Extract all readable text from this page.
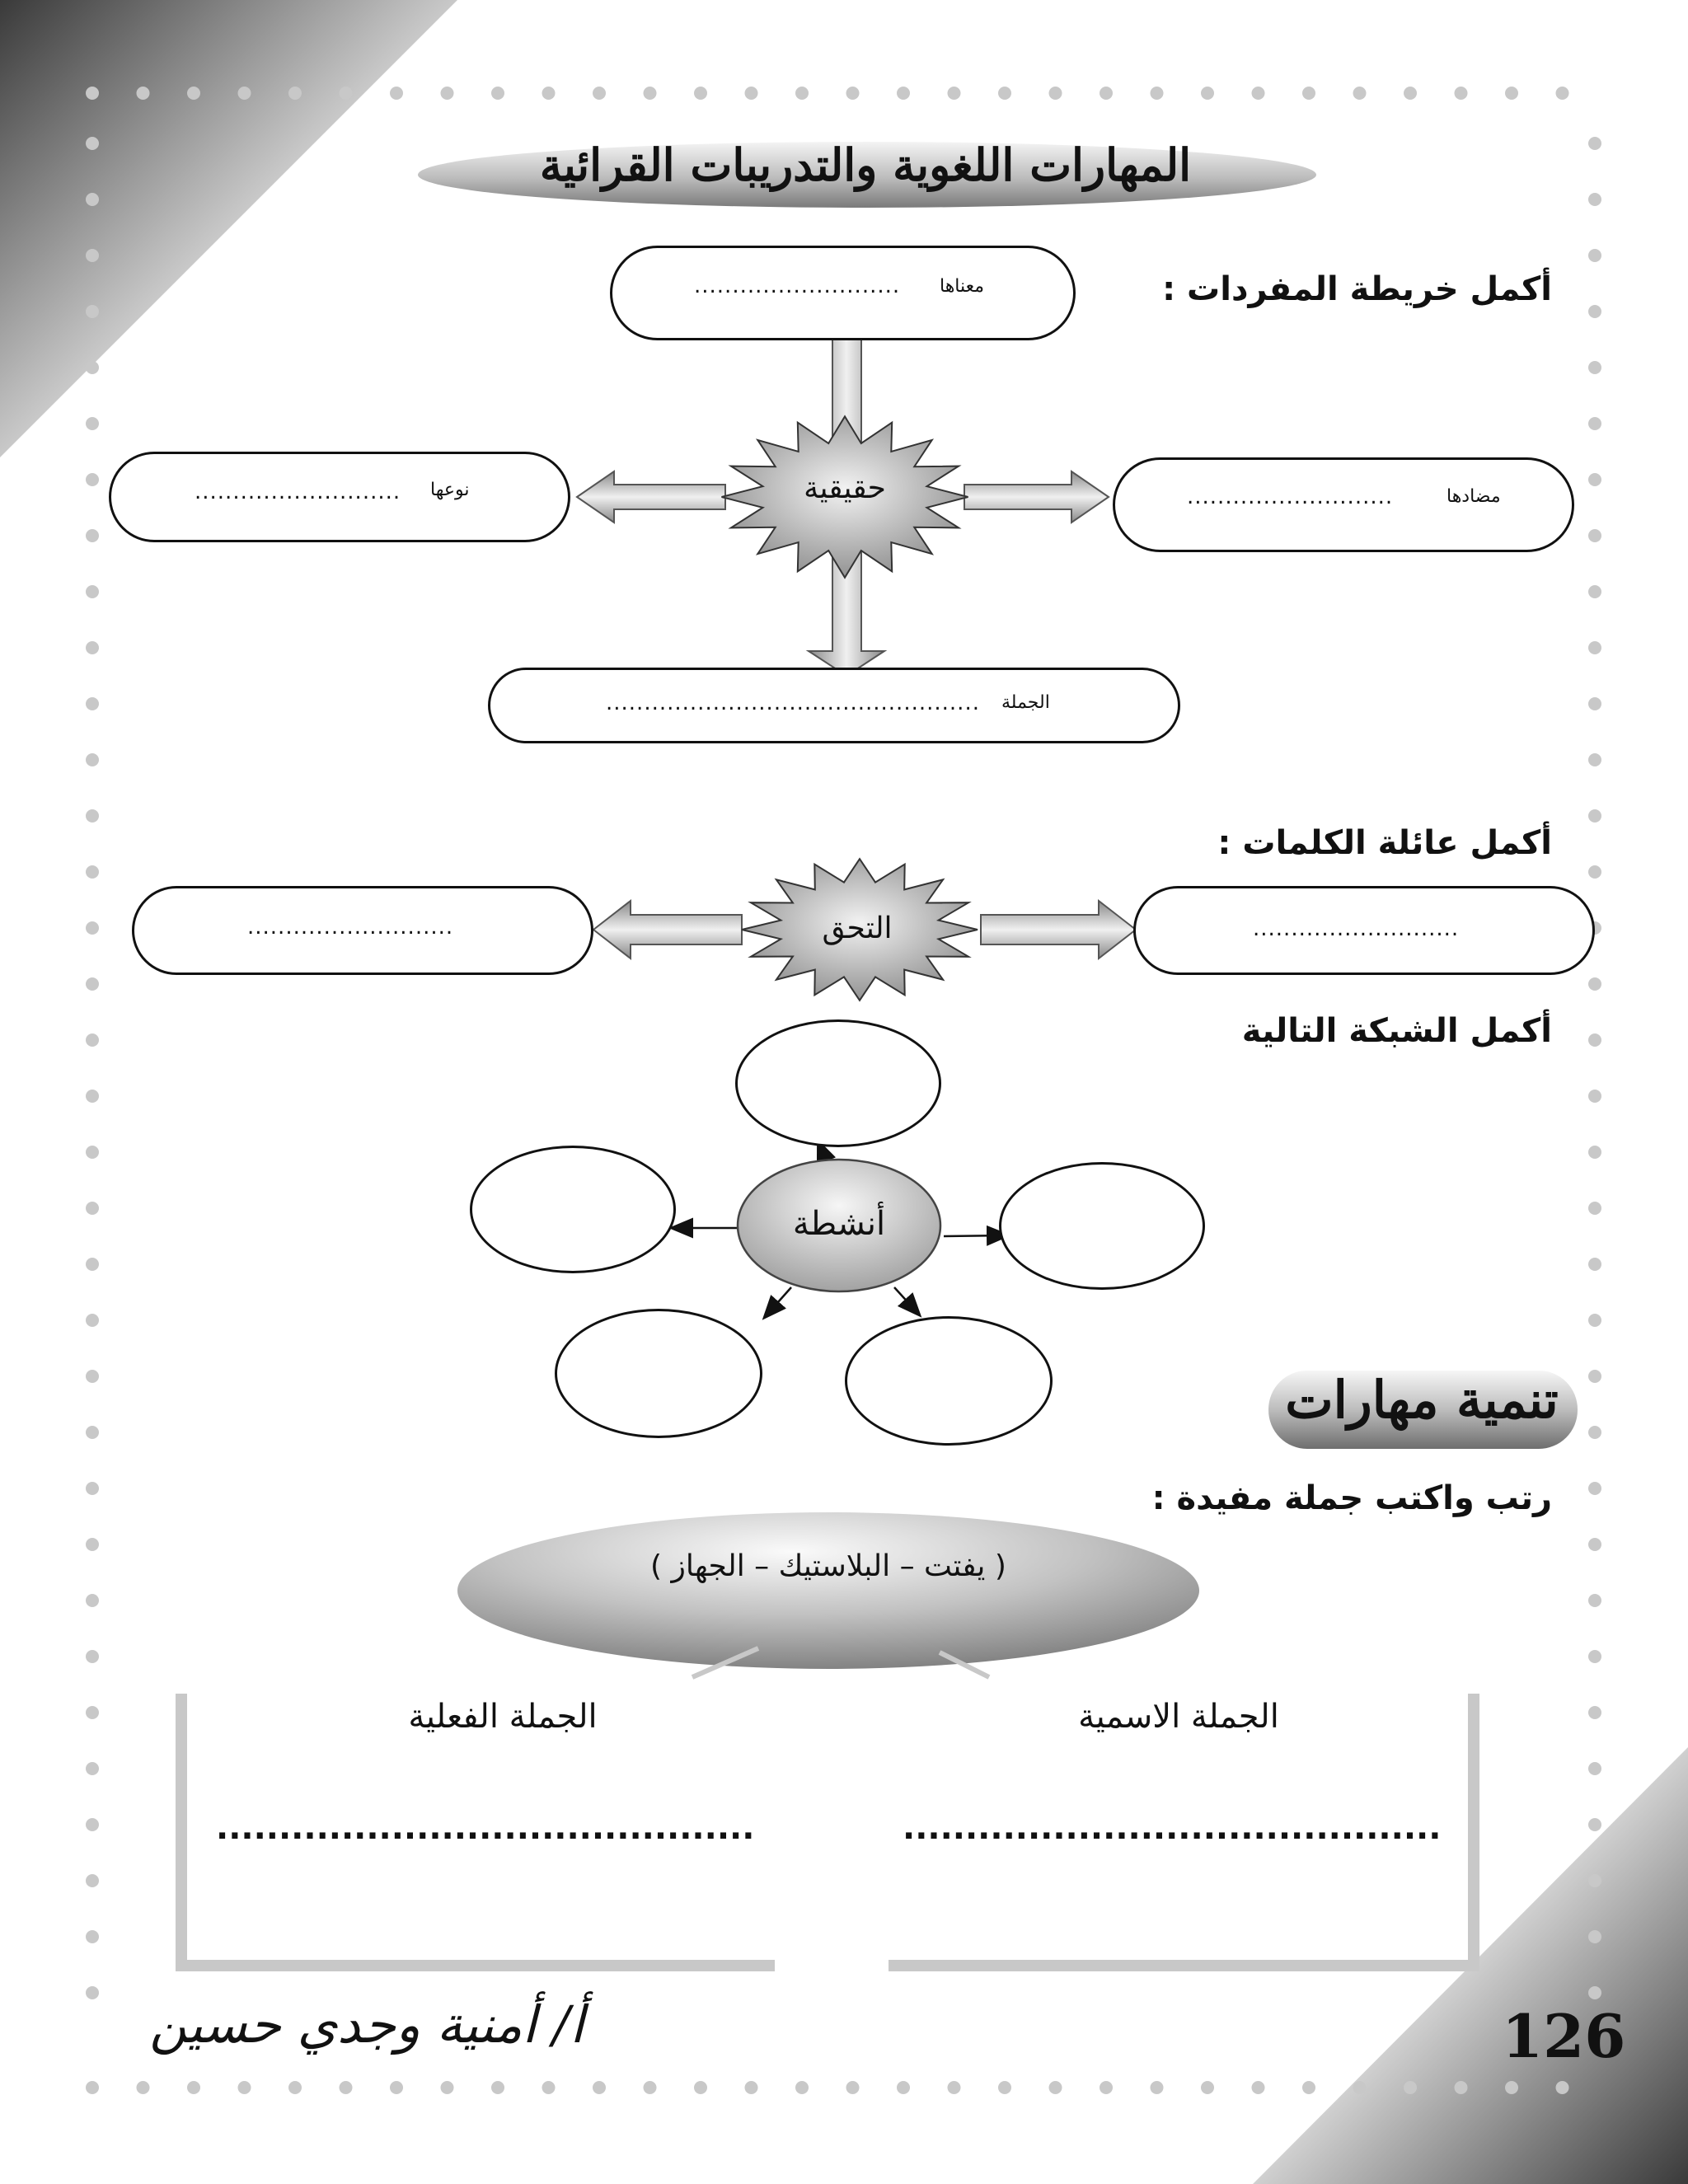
المهارات اللغوية والتدريبات القرائية
أكمل خريطة المفردات :
حقيقية
معناها
...........................
نوعها
...........................	مضادها
...........................
الجملة
.................................................
أكمل عائلة الكلمات :
التحق
...........................	...........................
أكمل الشبكة التالية
أنشطة
تنمية مهارات
رتب واكتب جملة مفيدة :
( يفتت – البلاستيك – الجهاز )
الجملة الفعلية	الجملة الاسمية
...........................................	...........................................
أ/ أمنية وجدي حسين	126
